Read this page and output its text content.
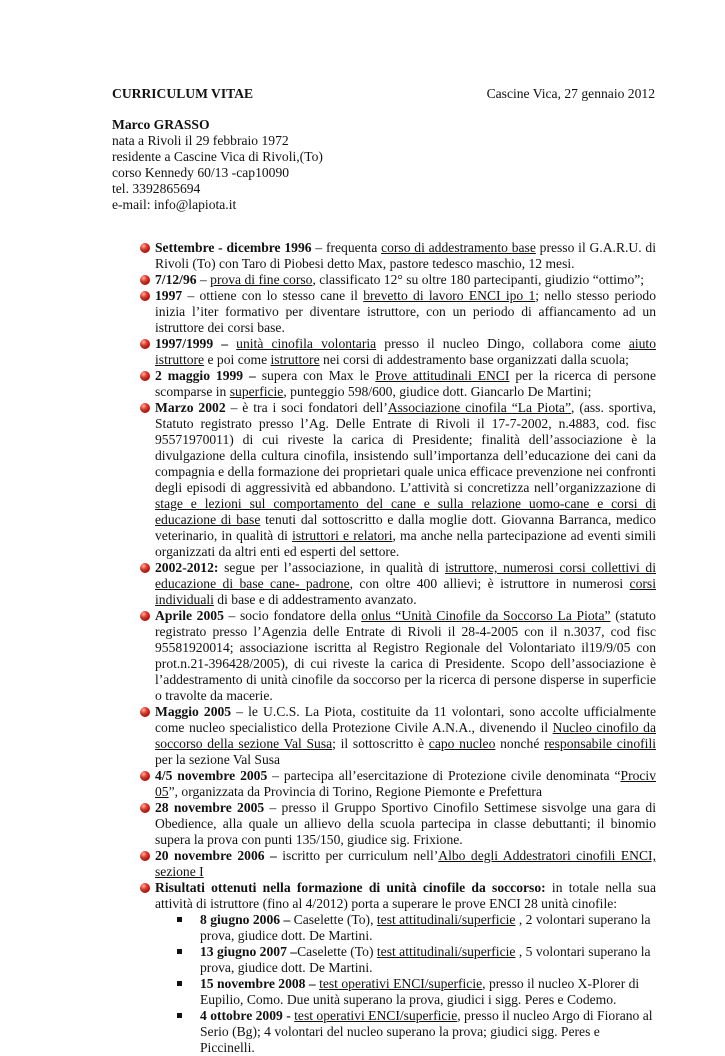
CURRICULUM VITAE	Cascine Vica, 27 gennaio 2012
Marco GRASSO
nata a Rivoli il 29 febbraio 1972
residente a Cascine Vica di Rivoli,(To)
corso Kennedy 60/13 -cap10090
tel. 3392865694
e-mail: info@lapiota.it
Settembre - dicembre 1996 – frequenta corso di addestramento base presso il G.A.R.U. di Rivoli (To) con Taro di Piobesi detto Max, pastore tedesco maschio, 12 mesi.
7/12/96 – prova di fine corso, classificato 12° su oltre 180 partecipanti, giudizio “ottimo”;
1997 – ottiene con lo stesso cane il brevetto di lavoro ENCI ipo 1; nello stesso periodo inizia l’iter formativo per diventare istruttore, con un periodo di affiancamento ad un istruttore dei corsi base.
1997/1999 – unità cinofila volontaria presso il nucleo Dingo, collabora come aiuto istruttore e poi come istruttore nei corsi di addestramento base organizzati dalla scuola;
2 maggio 1999 – supera con Max le Prove attitudinali ENCI per la ricerca di persone scomparse in superficie, punteggio 598/600, giudice dott. Giancarlo De Martini;
Marzo 2002 – è tra i soci fondatori dell’Associazione cinofila “La Piota”, (ass. sportiva, Statuto registrato presso l’Ag. Delle Entrate di Rivoli il 17-7-2002, n.4883, cod. fisc 95571970011) di cui riveste la carica di Presidente; finalità dell’associazione è la divulgazione della cultura cinofila, insistendo sull’importanza dell’educazione dei cani da compagnia e della formazione dei proprietari quale unica efficace prevenzione nei confronti degli episodi di aggressività ed abbandono. L’attività si concretizza nell’organizzazione di stage e lezioni sul comportamento del cane e sulla relazione uomo-cane e corsi di educazione di base tenuti dal sottoscritto e dalla moglie dott. Giovanna Barranca, medico veterinario, in qualità di istruttori e relatori, ma anche nella partecipazione ad eventi simili organizzati da altri enti ed esperti del settore.
2002-2012: segue per l’associazione, in qualità di istruttore, numerosi corsi collettivi di educazione di base cane- padrone, con oltre 400 allievi; è istruttore in numerosi corsi individuali di base e di addestramento avanzato.
Aprile 2005 – socio fondatore della onlus “Unità Cinofile da Soccorso La Piota” (statuto registrato presso l’Agenzia delle Entrate di Rivoli il 28-4-2005 con il n.3037, cod fisc 95581920014; associazione iscritta al Registro Regionale del Volontariato il19/9/05 con prot.n.21-396428/2005), di cui riveste la carica di Presidente. Scopo dell’associazione è l’addestramento di unità cinofile da soccorso per la ricerca di persone disperse in superficie o travolte da macerie.
Maggio 2005 – le U.C.S. La Piota, costituite da 11 volontari, sono accolte ufficialmente come nucleo specialistico della Protezione Civile A.N.A., divenendo il Nucleo cinofilo da soccorso della sezione Val Susa; il sottoscritto è capo nucleo nonché responsabile cinofili per la sezione Val Susa
4/5 novembre 2005 – partecipa all’esercitazione di Protezione civile denominata “Prociv 05”, organizzata da Provincia di Torino, Regione Piemonte e Prefettura
28 novembre 2005 – presso il Gruppo Sportivo Cinofilo Settimese sisvolge una gara di Obedience, alla quale un allievo della scuola partecipa in classe debuttanti; il binomio supera la prova con punti 135/150, giudice sig. Frixione.
20 novembre 2006 – iscritto per curriculum nell’Albo degli Addestratori cinofili ENCI, sezione I
Risultati ottenuti nella formazione di unità cinofile da soccorso: in totale nella sua attività di istruttore (fino al 4/2012) porta a superare le prove ENCI 28 unità cinofile:
8 giugno 2006 – Caselette (To), test attitudinali/superficie , 2 volontari superano la prova, giudice dott. De Martini.
13 giugno 2007 –Caselette (To) test attitudinali/superficie , 5 volontari superano la prova, giudice dott. De Martini.
15 novembre 2008 – test operativi ENCI/superficie, presso il nucleo X-Plorer di Eupilio, Como. Due unità superano la prova, giudici i sigg. Peres e Codemo.
4 ottobre 2009 - test operativi ENCI/superficie, presso il nucleo Argo di Fiorano al Serio (Bg); 4 volontari del nucleo superano la prova; giudici sigg. Peres e Piccinelli.
